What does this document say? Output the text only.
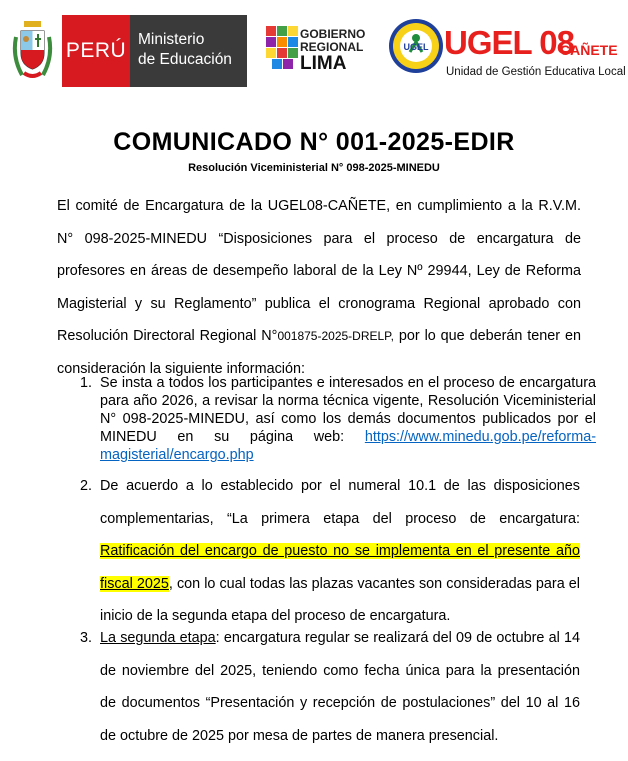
PERÚ Ministerio
de Educación
GOBIERNO
REGIONAL
LIMA
UGEL UGEL 08
CAÑETE
Unidad de Gestión Educativa Local
COMUNICADO N° 001-2025-EDIR
Resolución Viceministerial N° 098-2025-MINEDU
El comité de Encargatura de la UGEL08-CAÑETE, en cumplimiento a la R.V.M. N° 098-2025-MINEDU “Disposiciones para el proceso de encargatura de profesores en áreas de desempeño laboral de la Ley Nº 29944, Ley de Reforma Magisterial y su Reglamento” publica el cronograma Regional aprobado con Resolución Directoral Regional N°001875-2025-DRELP, por lo que deberán tener en consideración la siguiente información:
1. Se insta a todos los participantes e interesados en el proceso de encargatura para año 2026, a revisar la norma técnica vigente, Resolución Viceministerial N° 098-2025-MINEDU, así como los demás documentos publicados por el MINEDU en su página web: https://www.minedu.gob.pe/reforma-magisterial/encargo.php
2. De acuerdo a lo establecido por el numeral 10.1 de las disposiciones complementarias, “La primera etapa del proceso de encargatura: Ratificación del encargo de puesto no se implementa en el presente año fiscal 2025, con lo cual todas las plazas vacantes son consideradas para el inicio de la segunda etapa del proceso de encargatura.
3. La segunda etapa: encargatura regular se realizará del 09 de octubre al 14 de noviembre del 2025, teniendo como fecha única para la presentación de documentos “Presentación y recepción de postulaciones” del 10 al 16 de octubre de 2025 por mesa de partes de manera presencial.
